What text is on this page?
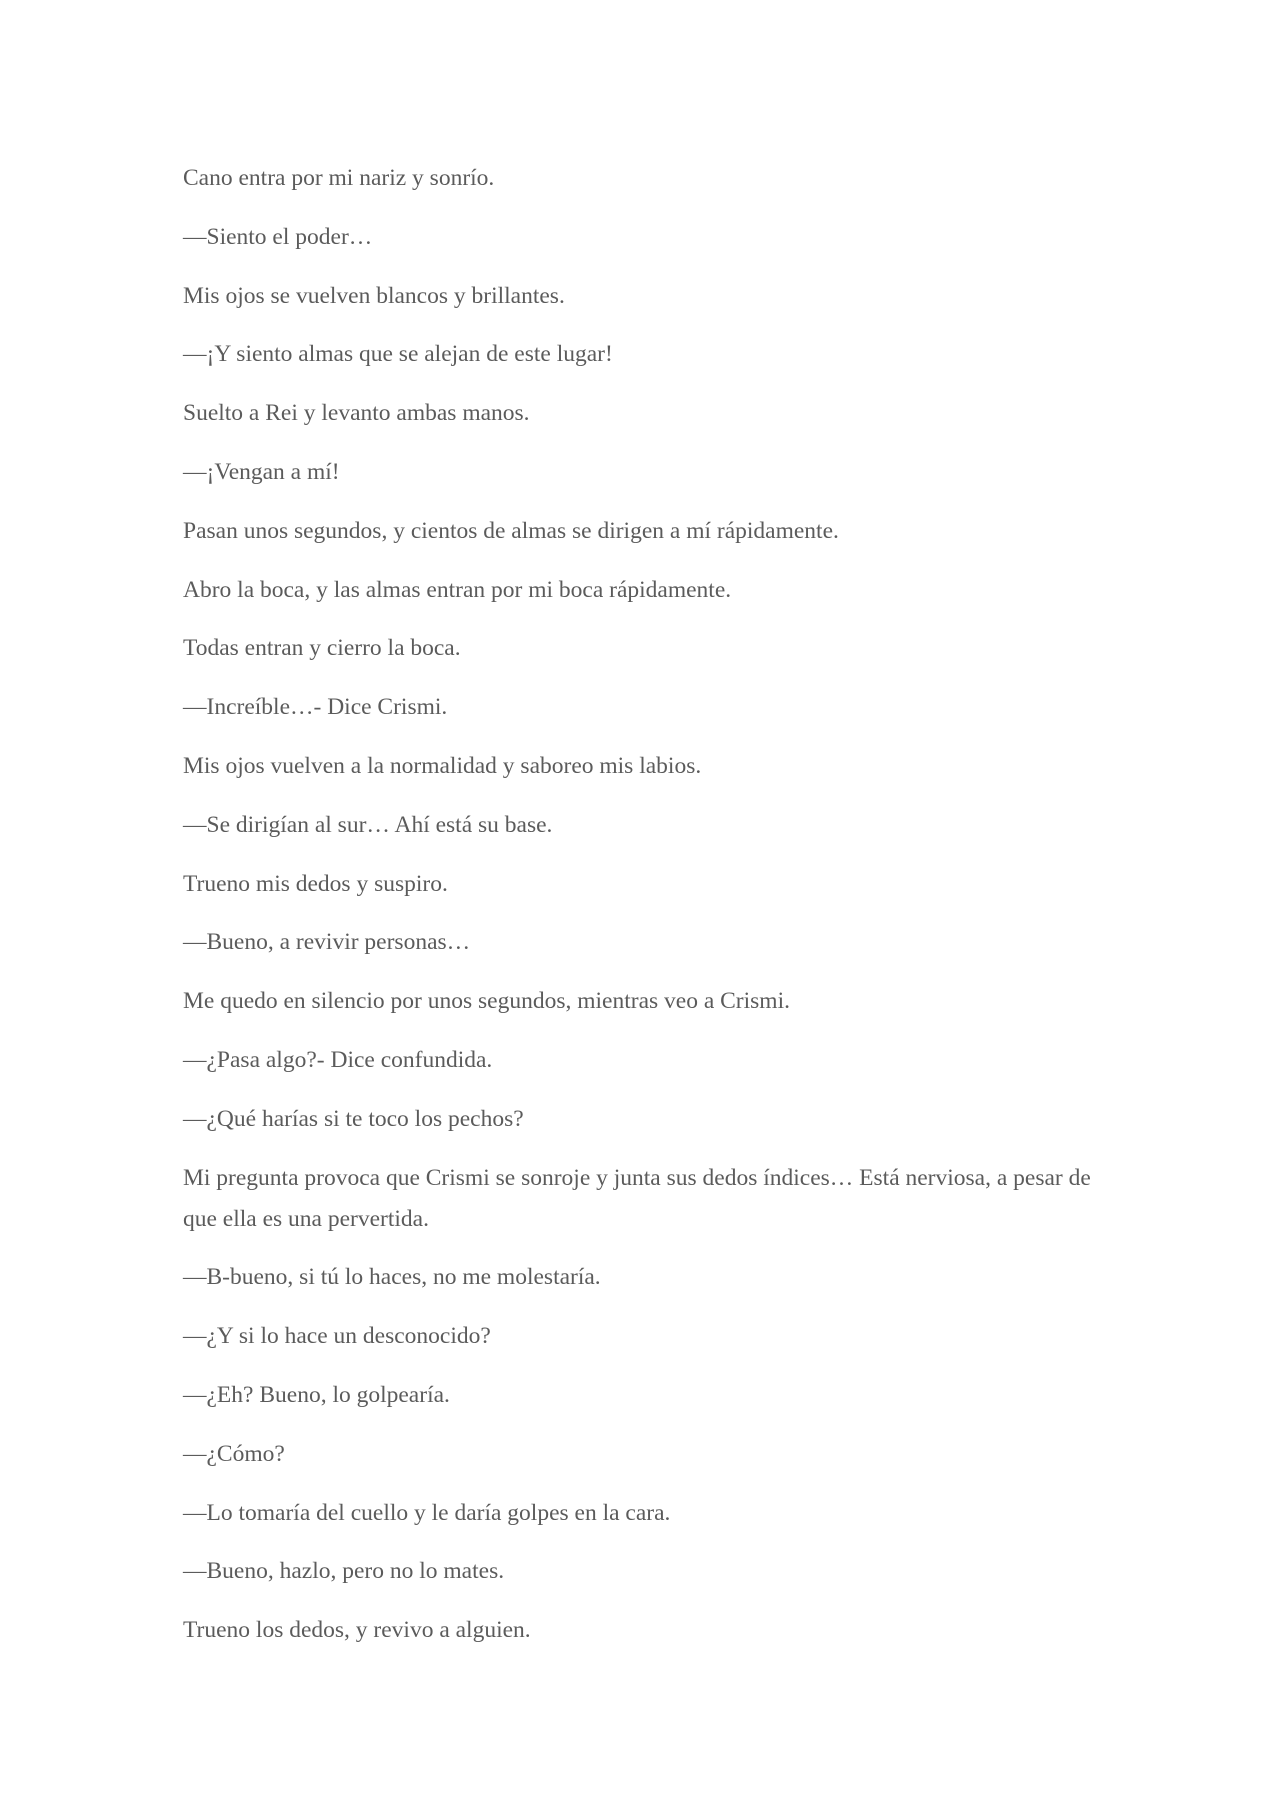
Cano entra por mi nariz y sonrío.

—Siento el poder…

Mis ojos se vuelven blancos y brillantes.

—¡Y siento almas que se alejan de este lugar!

Suelto a Rei y levanto ambas manos.

—¡Vengan a mí!

Pasan unos segundos, y cientos de almas se dirigen a mí rápidamente.

Abro la boca, y las almas entran por mi boca rápidamente.

Todas entran y cierro la boca.

—Increíble…- Dice Crismi.

Mis ojos vuelven a la normalidad y saboreo mis labios.

—Se dirigían al sur… Ahí está su base.

Trueno mis dedos y suspiro.

—Bueno, a revivir personas…

Me quedo en silencio por unos segundos, mientras veo a Crismi.

—¿Pasa algo?- Dice confundida.

—¿Qué harías si te toco los pechos?

Mi pregunta provoca que Crismi se sonroje y junta sus dedos índices… Está nerviosa, a pesar de que ella es una pervertida.

—B-bueno, si tú lo haces, no me molestaría.

—¿Y si lo hace un desconocido?

—¿Eh? Bueno, lo golpearía.

—¿Cómo?

—Lo tomaría del cuello y le daría golpes en la cara.

—Bueno, hazlo, pero no lo mates.

Trueno los dedos, y revivo a alguien.
